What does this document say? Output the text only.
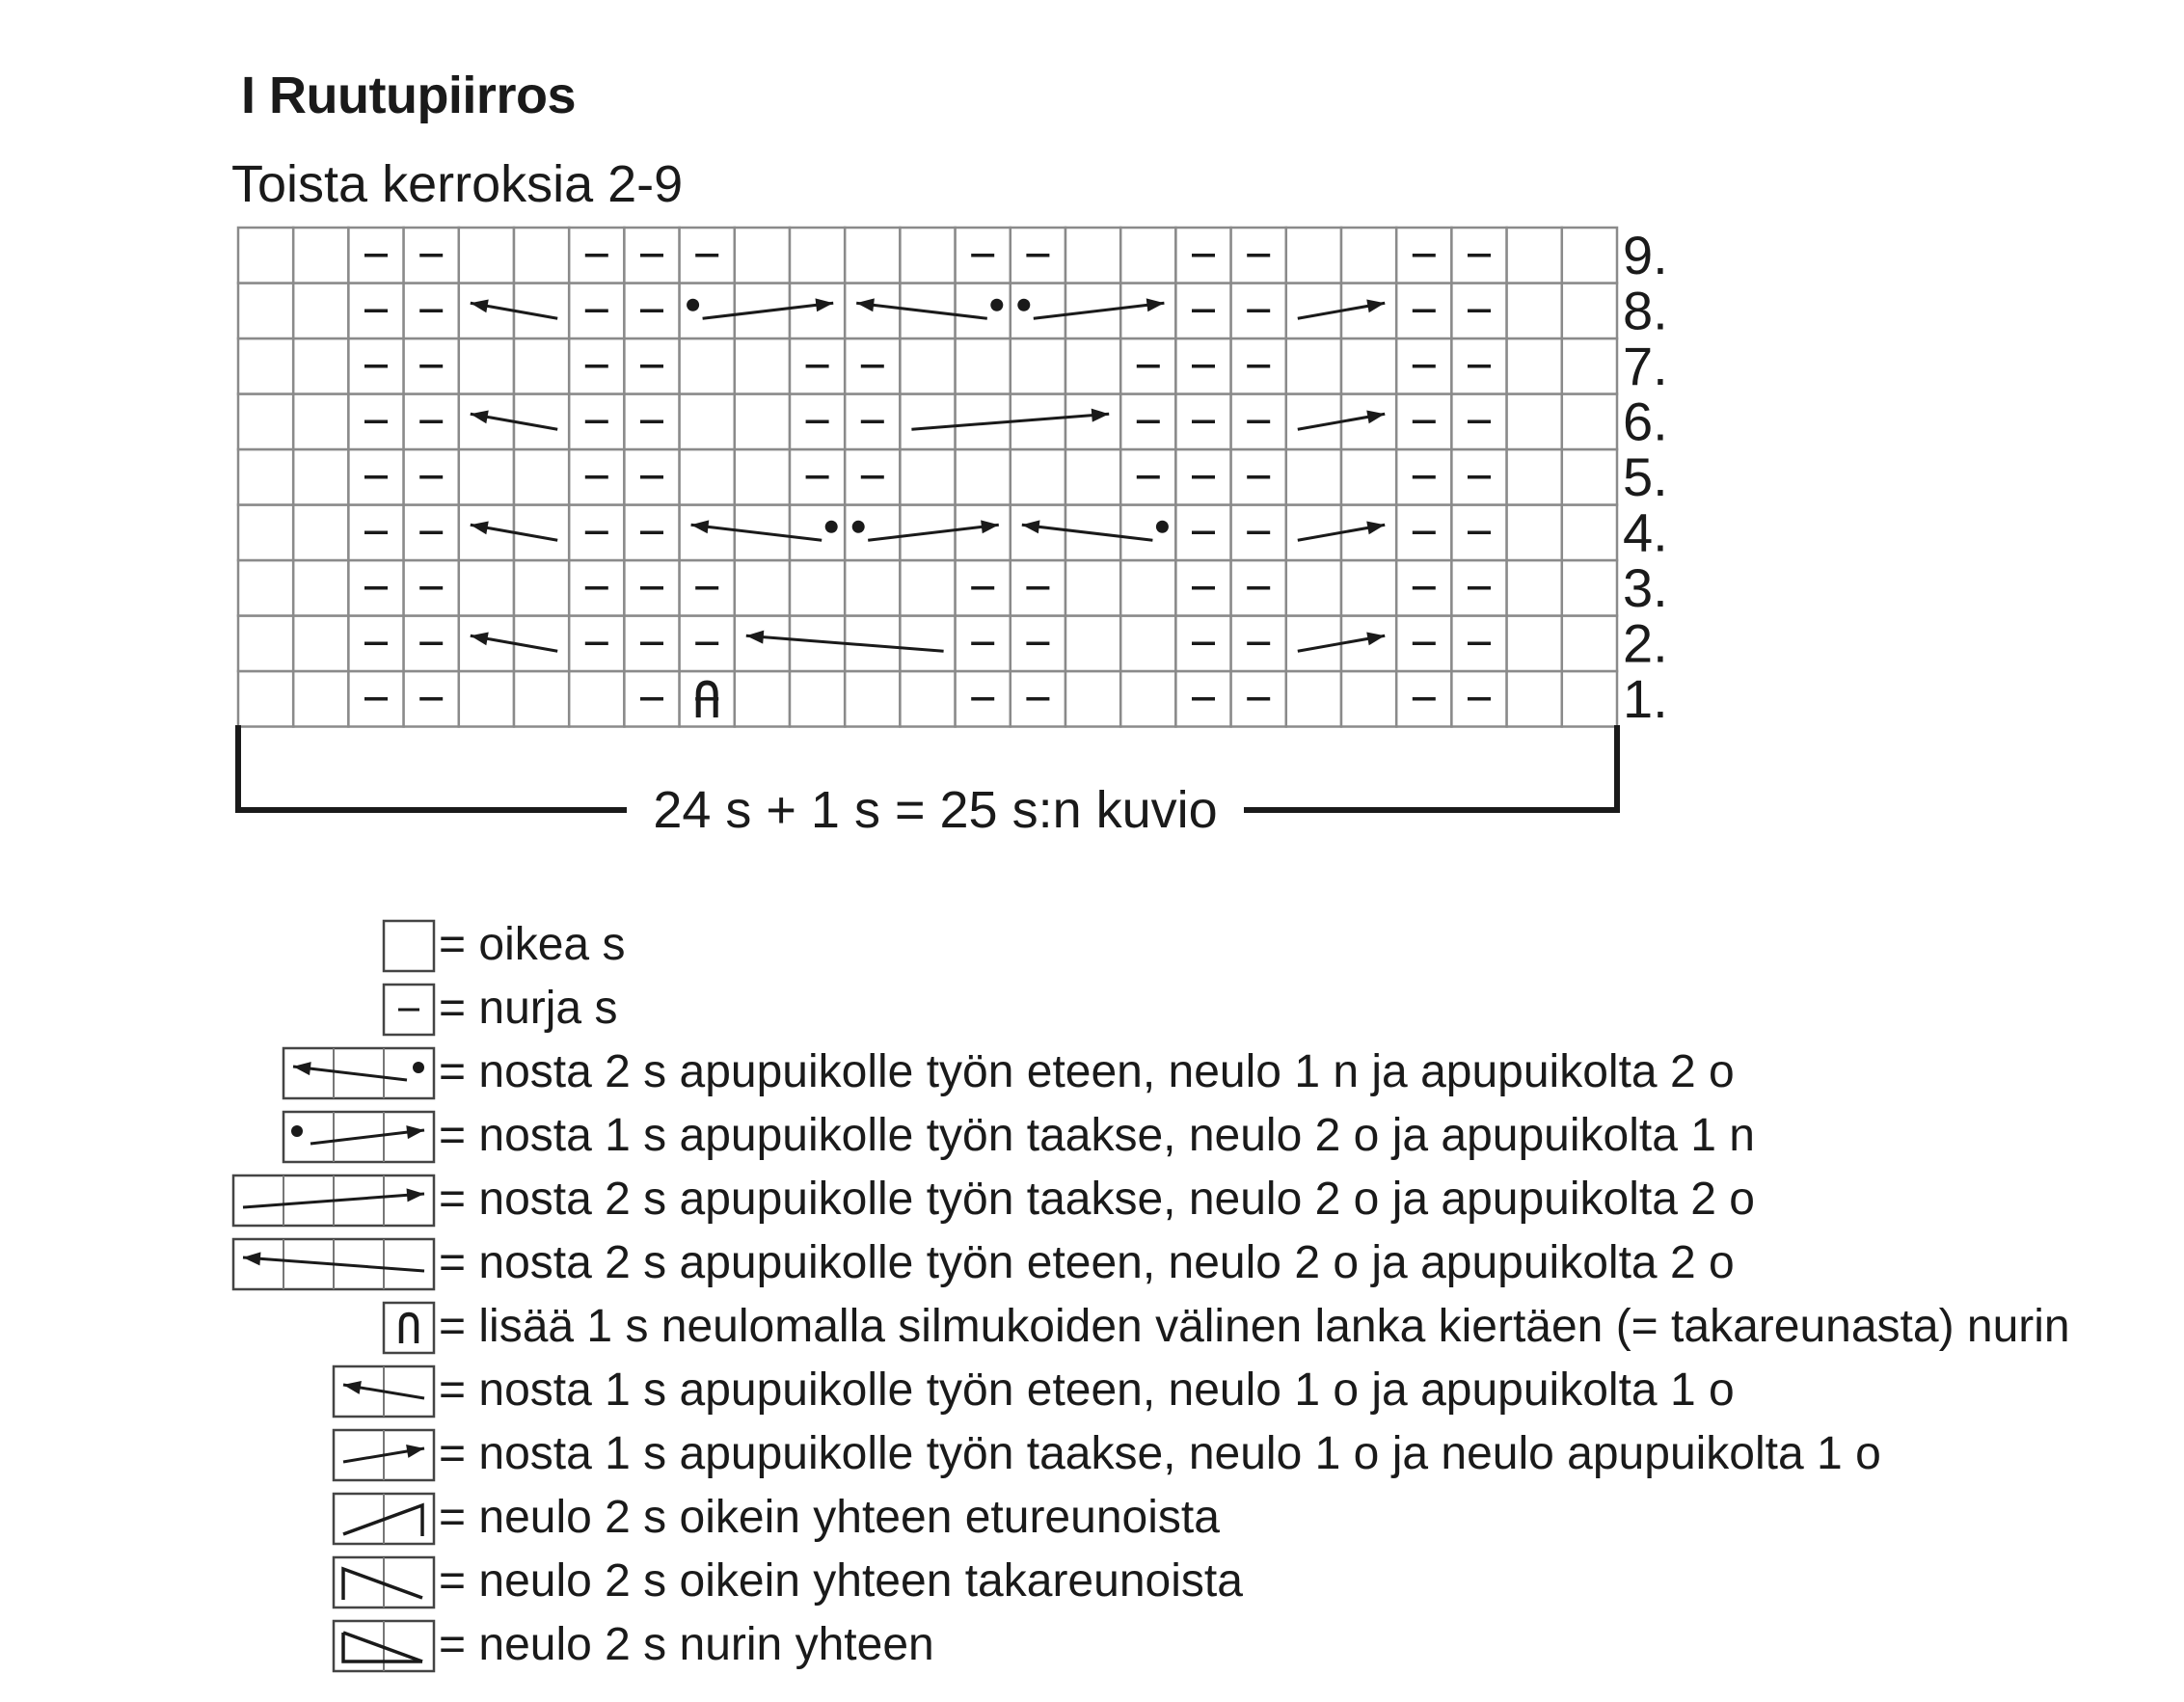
I Ruutupiirros
Toista kerroksia 2-9
9.
8.
7.
6.
5.
4.
3.
2.
1.
24 s + 1 s = 25 s:n kuvio
= oikea s
= nurja s
= nosta 2 s apupuikolle työn eteen, neulo 1 n ja apupuikolta 2 o
= nosta 1 s apupuikolle työn taakse, neulo 2 o ja apupuikolta 1 n
= nosta 2 s apupuikolle työn taakse, neulo 2 o ja apupuikolta 2 o
= nosta 2 s apupuikolle työn eteen, neulo 2 o ja apupuikolta 2 o
= lisää 1 s neulomalla silmukoiden välinen lanka kiertäen (= takareunasta) nurin
= nosta 1 s apupuikolle työn eteen, neulo 1 o ja apupuikolta 1 o
= nosta 1 s apupuikolle työn taakse, neulo 1 o ja neulo apupuikolta 1 o
= neulo 2 s oikein yhteen etureunoista
= neulo 2 s oikein yhteen takareunoista
= neulo 2 s nurin yhteen
